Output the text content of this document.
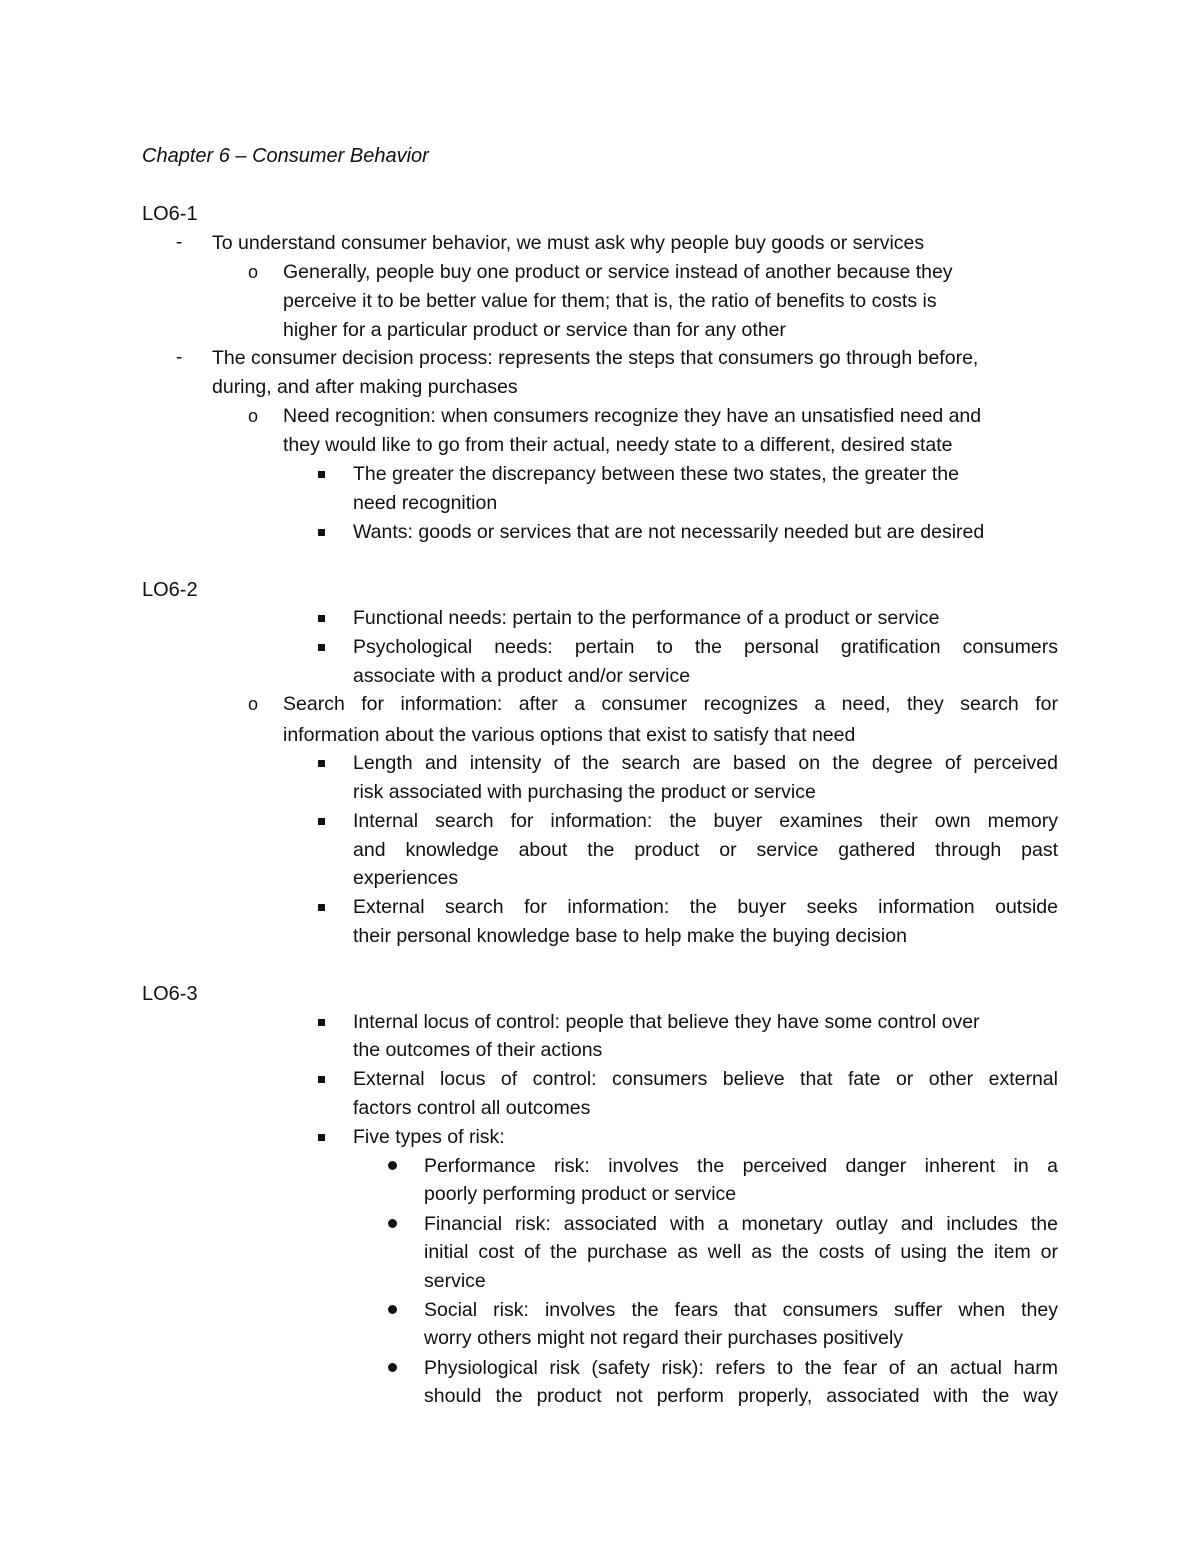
Chapter 6 – Consumer Behavior
LO6-1
- To understand consumer behavior, we must ask why people buy goods or services
o Generally, people buy one product or service instead of another because they
perceive it to be better value for them; that is, the ratio of benefits to costs is
higher for a particular product or service than for any other
- The consumer decision process: represents the steps that consumers go through before,
during, and after making purchases
o Need recognition: when consumers recognize they have an unsatisfied need and
they would like to go from their actual, needy state to a different, desired state
The greater the discrepancy between these two states, the greater the
need recognition
Wants: goods or services that are not necessarily needed but are desired
LO6-2
Functional needs: pertain to the performance of a product or service
Psychological needs: pertain to the personal gratification consumers
associate with a product and/or service
o Search for information: after a consumer recognizes a need, they search for
information about the various options that exist to satisfy that need
Length and intensity of the search are based on the degree of perceived
risk associated with purchasing the product or service
Internal search for information: the buyer examines their own memory
and knowledge about the product or service gathered through past
experiences
External search for information: the buyer seeks information outside
their personal knowledge base to help make the buying decision
LO6-3
Internal locus of control: people that believe they have some control over
the outcomes of their actions
External locus of control: consumers believe that fate or other external
factors control all outcomes
Five types of risk:
Performance risk: involves the perceived danger inherent in a
poorly performing product or service
Financial risk: associated with a monetary outlay and includes the
initial cost of the purchase as well as the costs of using the item or
service
Social risk: involves the fears that consumers suffer when they
worry others might not regard their purchases positively
Physiological risk (safety risk): refers to the fear of an actual harm
should the product not perform properly, associated with the way
